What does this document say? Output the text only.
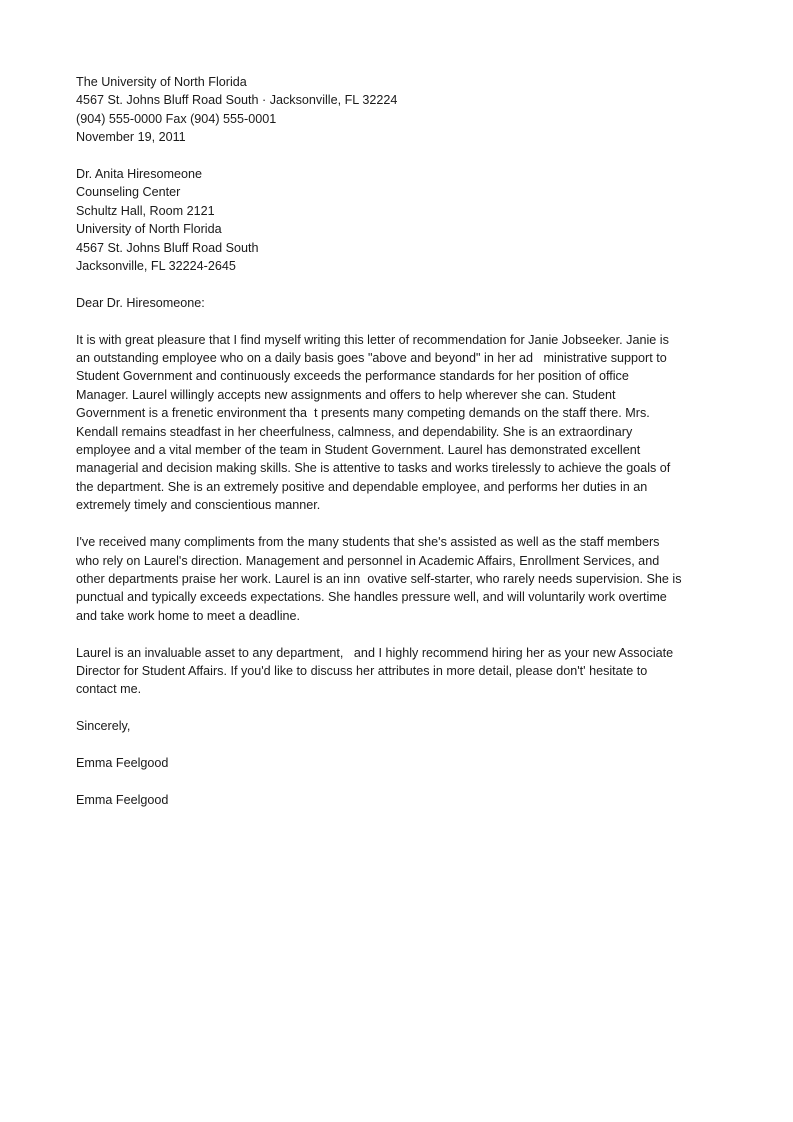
The University of North Florida
4567 St. Johns Bluff Road South · Jacksonville, FL 32224
(904) 555-0000 Fax (904) 555-0001
November 19, 2011
Dr. Anita Hiresomeone
Counseling Center
Schultz Hall, Room 2121
University of North Florida
4567 St. Johns Bluff Road South
Jacksonville, FL 32224-2645
Dear Dr. Hiresomeone:
It is with great pleasure that I find myself writing this letter of recommendation for Janie Jobseeker. Janie is
an outstanding employee who on a daily basis goes "above and beyond" in her ad   ministrative support to
Student Government and continuously exceeds the performance standards for her position of office
Manager. Laurel willingly accepts new assignments and offers to help wherever she can. Student
Government is a frenetic environment tha  t presents many competing demands on the staff there. Mrs.
Kendall remains steadfast in her cheerfulness, calmness, and dependability. She is an extraordinary
employee and a vital member of the team in Student Government. Laurel has demonstrated excellent
managerial and decision making skills. She is attentive to tasks and works tirelessly to achieve the goals of
the department. She is an extremely positive and dependable employee, and performs her duties in an
extremely timely and conscientious manner.
I've received many compliments from the many students that she's assisted as well as the staff members
who rely on Laurel's direction. Management and personnel in Academic Affairs, Enrollment Services, and
other departments praise her work. Laurel is an inn  ovative self-starter, who rarely needs supervision. She is
punctual and typically exceeds expectations. She handles pressure well, and will voluntarily work overtime
and take work home to meet a deadline.
Laurel is an invaluable asset to any department,   and I highly recommend hiring her as your new Associate
Director for Student Affairs. If you'd like to discuss her attributes in more detail, please don't' hesitate to
contact me.
Sincerely,
Emma Feelgood
Emma Feelgood
